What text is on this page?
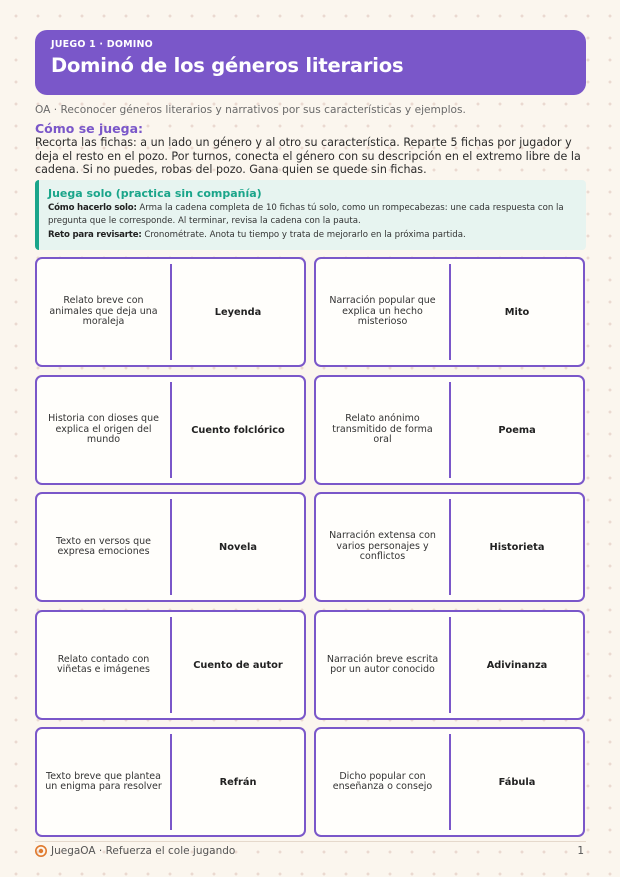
JUEGO 1 · DOMINO
Dominó de los géneros literarios
OA · Reconocer géneros literarios y narrativos por sus características y ejemplos.
Cómo se juega:
Recorta las fichas: a un lado un género y al otro su característica. Reparte 5 fichas por jugador y deja el resto en el pozo. Por turnos, conecta el género con su descripción en el extremo libre de la cadena. Si no puedes, robas del pozo. Gana quien se quede sin fichas.
Juega solo (practica sin compañía)
Cómo hacerlo solo: Arma la cadena completa de 10 fichas tú solo, como un rompecabezas: une cada respuesta con la pregunta que le corresponde. Al terminar, revisa la cadena con la pauta.
Reto para revisarte: Cronométrate. Anota tu tiempo y trata de mejorarlo en la próxima partida.
Relato breve con animales que deja una moraleja
Leyenda
Narración popular que explica un hecho misterioso
Mito
Historia con dioses que explica el origen del mundo
Cuento folclórico
Relato anónimo transmitido de forma oral
Poema
Texto en versos que expresa emociones	Novela
Narración extensa con varios personajes y conflictos
Historieta
Relato contado con viñetas e imágenes	Cuento de autor
Narración breve escrita por un autor conocido	Adivinanza
Texto breve que plantea un enigma para resolver	Refrán
Dicho popular con enseñanza o consejo	Fábula
JuegaOA · Refuerza el cole jugando	1
